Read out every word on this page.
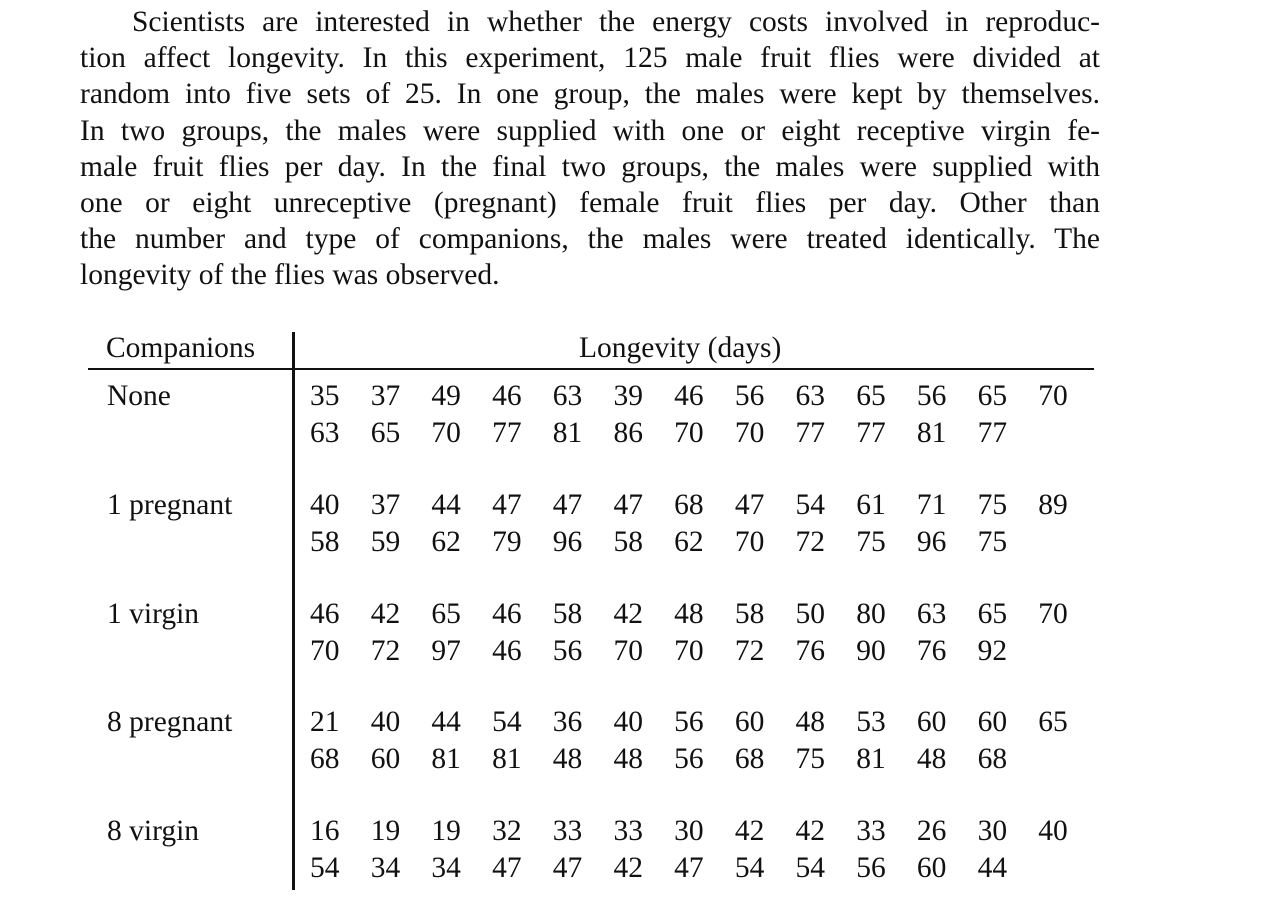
Scientists are interested in whether the energy costs involved in reproduc-
tion affect longevity. In this experiment, 125 male fruit flies were divided at
random into five sets of 25. In one group, the males were kept by themselves.
In two groups, the males were supplied with one or eight receptive virgin fe-
male fruit flies per day. In the final two groups, the males were supplied with
one or eight unreceptive (pregnant) female fruit flies per day. Other than
the number and type of companions, the males were treated identically. The
longevity of the flies was observed.
Companions	Longevity (days)
None	35	37	49	46	63	39	46	56	63	65	56	65	70
63	65	70	77	81	86	70	70	77	77	81	77
1 pregnant	40	37	44	47	47	47	68	47	54	61	71	75	89
58	59	62	79	96	58	62	70	72	75	96	75
1 virgin	46	42	65	46	58	42	48	58	50	80	63	65	70
70	72	97	46	56	70	70	72	76	90	76	92
8 pregnant	21	40	44	54	36	40	56	60	48	53	60	60	65
68	60	81	81	48	48	56	68	75	81	48	68
8 virgin	16	19	19	32	33	33	30	42	42	33	26	30	40
54	34	34	47	47	42	47	54	54	56	60	44
